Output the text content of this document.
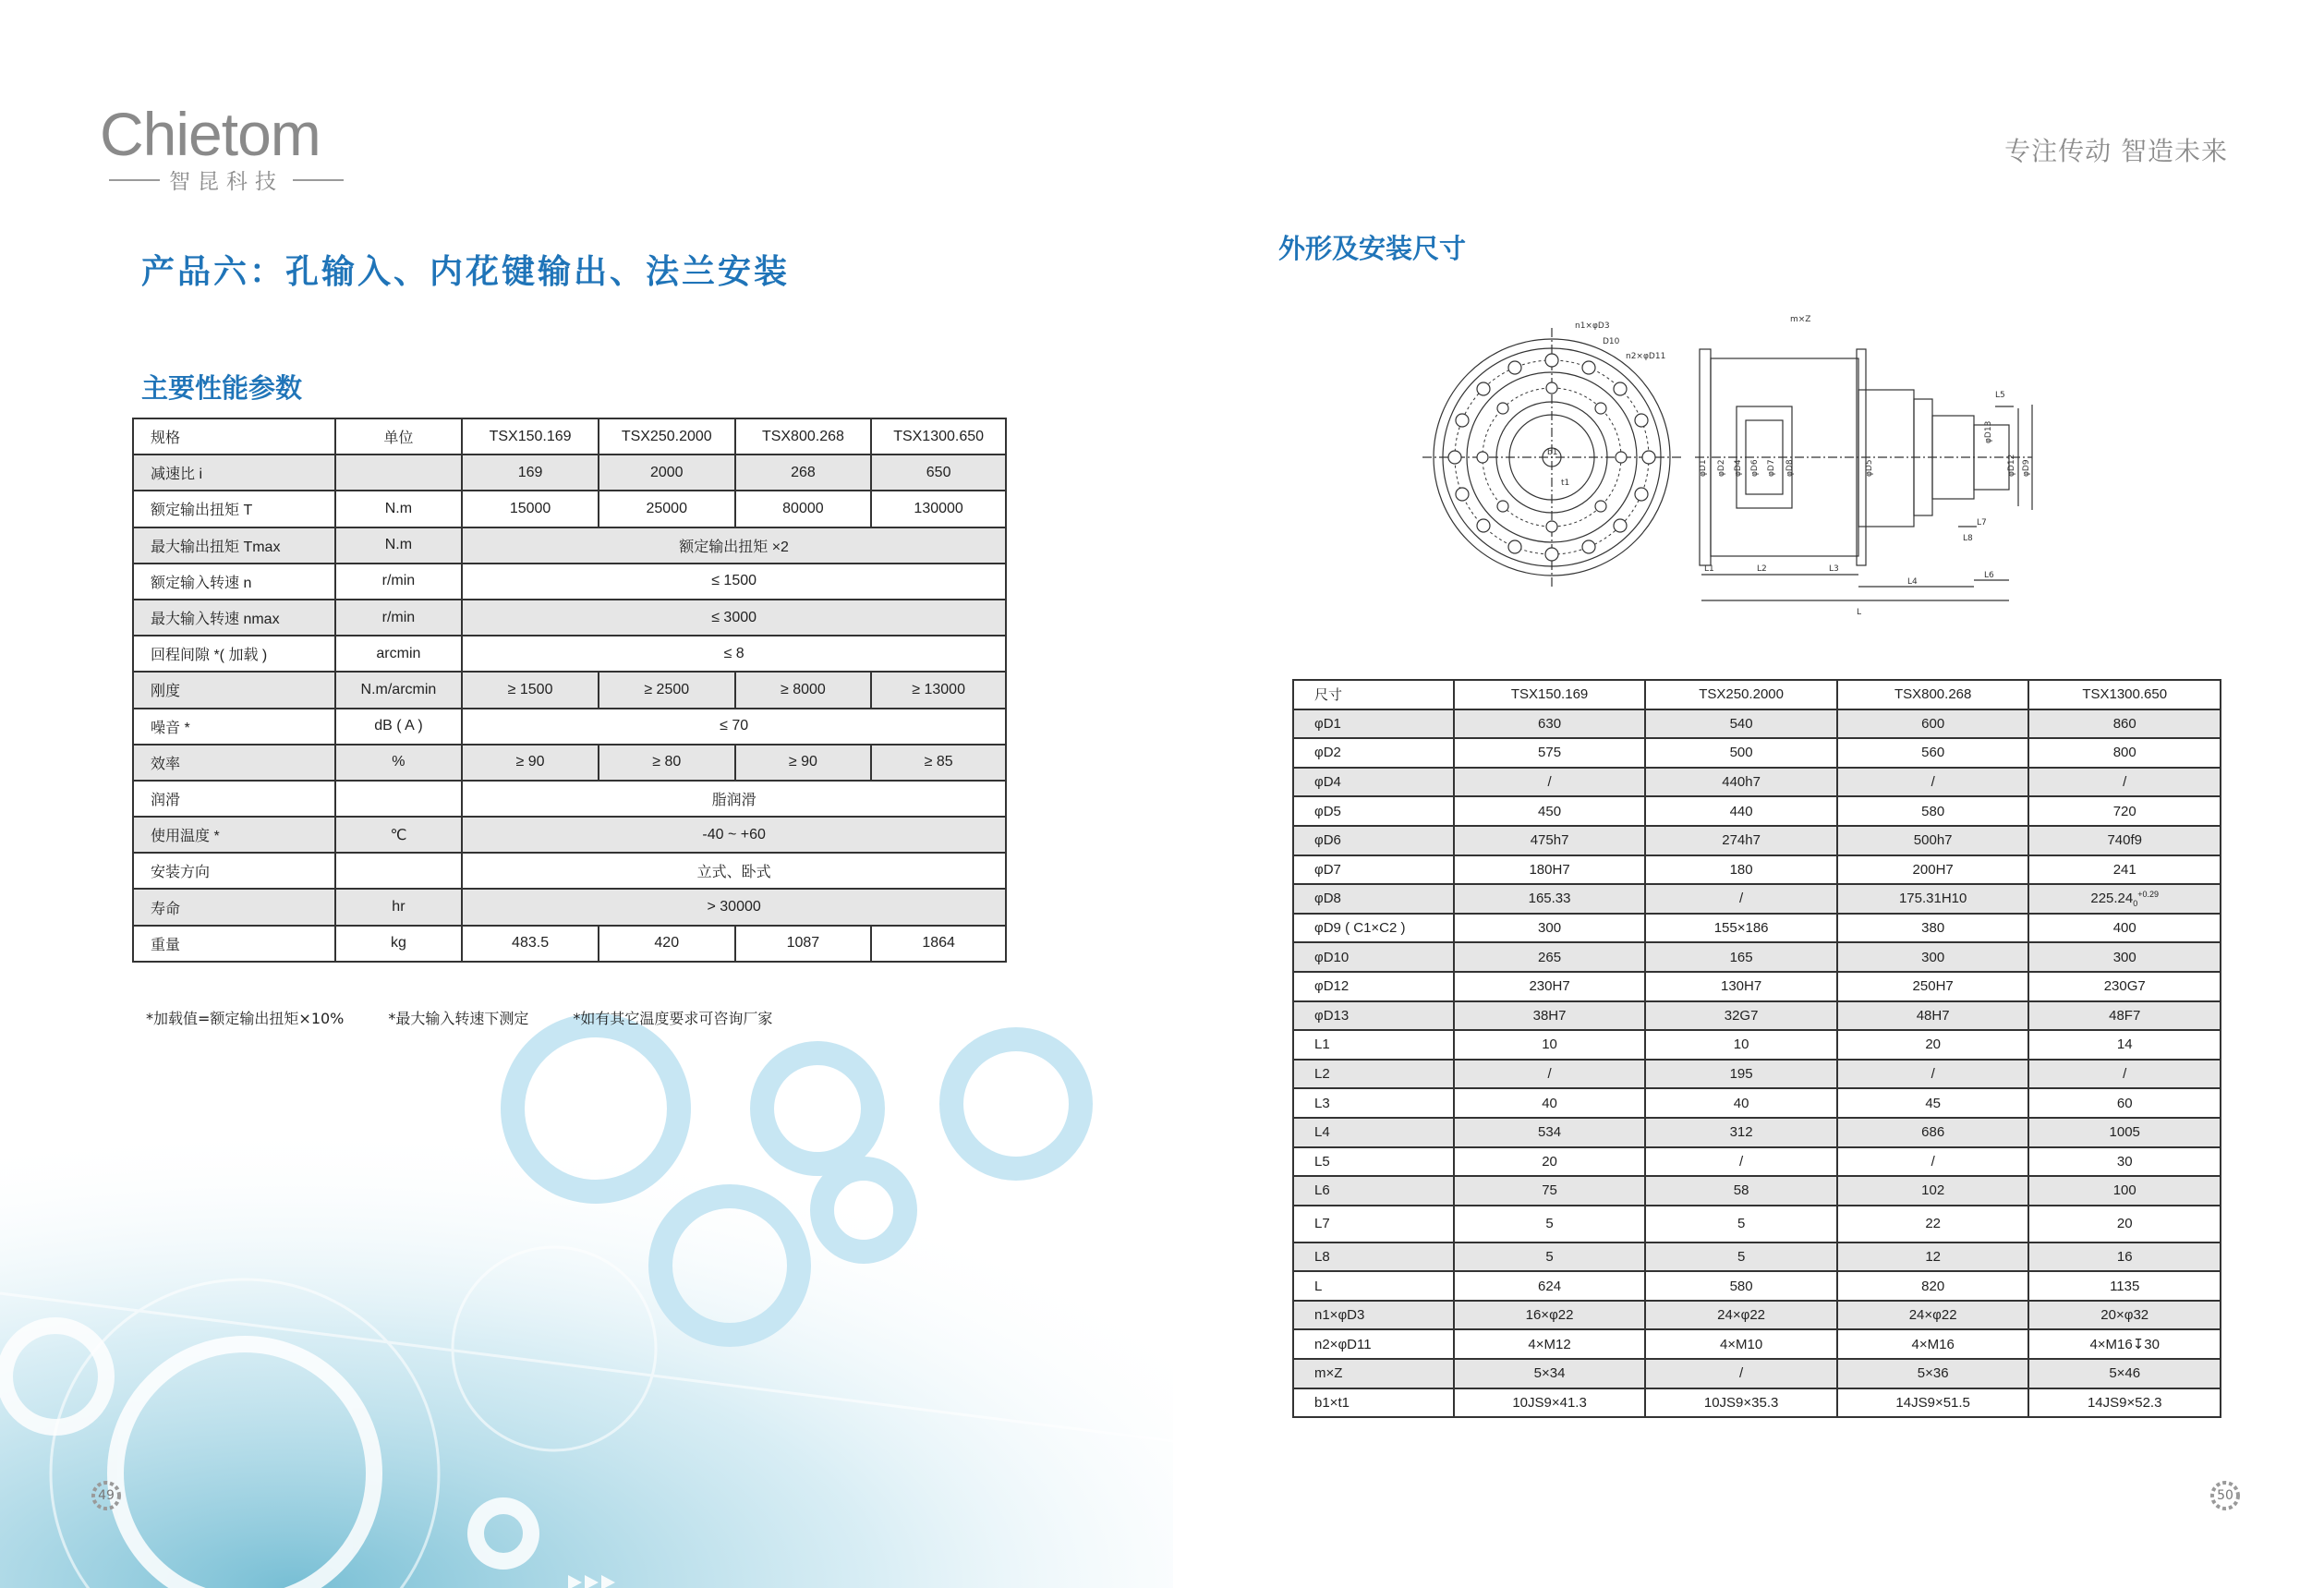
Chietom
智昆科技
专注传动 智造未来
产品六：孔输入、内花键输出、法兰安装
主要性能参数
外形及安装尺寸
规格	单位	TSX150.169	TSX250.2000	TSX800.268	TSX1300.650
减速比 i		169	2000	268	650
额定输出扭矩 T	N.m	15000	25000	80000	130000
最大输出扭矩 Tmax	N.m	额定输出扭矩 ×2			
额定输入转速 n	r/min	≤ 1500			
最大输入转速 nmax	r/min	≤ 3000			
回程间隙 *( 加载 )	arcmin	≤ 8			
刚度	N.m/arcmin	≥ 1500	≥ 2500	≥ 8000	≥ 13000
噪音 *	dB ( A )	≤ 70			
效率	%	≥ 90	≥ 80	≥ 90	≥ 85
润滑		脂润滑			
使用温度 *	℃	-40 ~ +60			
安装方向		立式、卧式			
寿命	hr	> 30000			
重量	kg	483.5	420	1087	1864
*加载值=额定输出扭矩×10%	*最大输入转速下测定	*如有其它温度要求可咨询厂家
n1×φD3
D10
n2×φD11
t1
b1
m×Z
φD1 φD2 φD4 φD6 φD7 φD8	φD5
φD13
φD12 φD9
L5
L7
L8
L1	L2	L3
L4
L6
L
尺寸	TSX150.169	TSX250.2000	TSX800.268	TSX1300.650
φD1	630	540	600	860
φD2	575	500	560	800
φD4	/	440h7	/	/
φD5	450	440	580	720
φD6	475h7	274h7	500h7	740f9
φD7	180H7	180	200H7	241
φD8	165.33	/	175.31H10	$225.24_0^{+0.29}$
φD9 ( C1×C2 )	300	155×186	380	400
φD10	265	165	300	300
φD12	230H7	130H7	250H7	230G7
φD13	38H7	32G7	48H7	48F7
L1	10	10	20	14
L2	/	195	/	/
L3	40	40	45	60
L4	534	312	686	1005
L5	20	/	/	30
L6	75	58	102	100
L7	5	5	22	20
L8	5	5	12	16
L	624	580	820	1135
n1×φD3	16×φ22	24×φ22	24×φ22	20×φ32
n2×φD11	4×M12	4×M10	4×M16	4×M16↧30
m×Z	5×34	/	5×36	5×46
b1×t1	10JS9×41.3	10JS9×35.3	14JS9×51.5	14JS9×52.3
49	50
